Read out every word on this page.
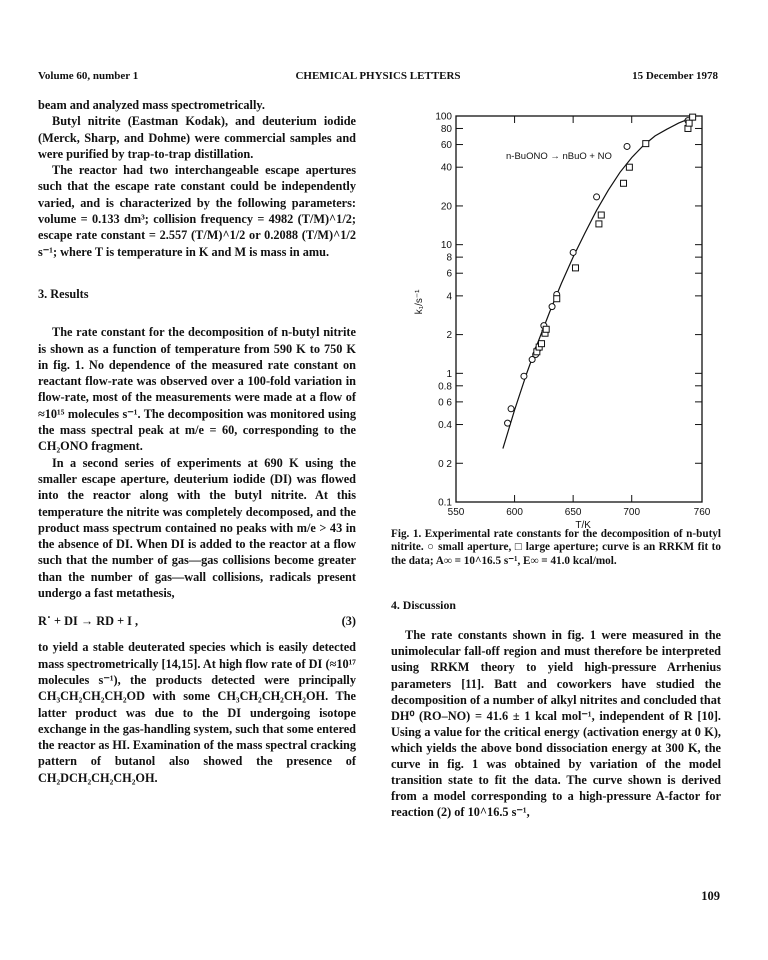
Volume 60, number 1	CHEMICAL PHYSICS LETTERS	15 December 1978

beam and analyzed mass spectrometrically.

Butyl nitrite (Eastman Kodak), and deuterium iodide (Merck, Sharp, and Dohme) were commercial samples and were purified by trap-to-trap distillation.

The reactor had two interchangeable escape apertures such that the escape rate constant could be independently varied, and is characterized by the following parameters: volume = 0.133 dm³; collision frequency = 4982 (T/M)^1/2; escape rate constant = 2.557 (T/M)^1/2 or 0.2088 (T/M)^1/2 s⁻¹; where T is temperature in K and M is mass in amu.

3. Results

The rate constant for the decomposition of n-butyl nitrite is shown as a function of temperature from 590 K to 750 K in fig. 1. No dependence of the measured rate constant on reactant flow-rate was observed over a 100-fold variation in flow-rate, most of the measurements were made at a flow of ≈10¹⁵ molecules s⁻¹. The decomposition was monitored using the mass spectral peak at m/e = 60, corresponding to the CH₂ONO fragment.

In a second series of experiments at 690 K using the smaller escape aperture, deuterium iodide (DI) was flowed into the reactor along with the butyl nitrite. At this temperature the nitrite was completely decomposed, and the product mass spectrum contained no peaks with m/e > 43 in the absence of DI. When DI is added to the reactor at a flow such that the number of gas—gas collisions become greater than the number of gas—wall collisions, radicals present undergo a fast metathesis,

R˙ + DI → RD + I ,	(3)

to yield a stable deuterated species which is easily detected mass spectrometrically [14,15]. At high flow rate of DI (≈10¹⁷ molecules s⁻¹), the products detected were principally CH₃CH₂CH₂CH₂OD with some CH₃CH₂CH₂CH₂OH. The latter product was due to the DI undergoing isotope exchange in the gas-handling system, such that some entered the reactor as HI. Examination of the mass spectral cracking pattern of butanol also showed the presence of CH₂DCH₂CH₂CH₂OH.

0.1
0 2
0.4
0 6
0.8
1
2
4
6
8
10
20
40
60
80
100
550	600	650	700	760
n-BuONO → nBuO + NO
T/K
k₁/s⁻¹

Fig. 1. Experimental rate constants for the decomposition of n-butyl nitrite. ○ small aperture, □ large aperture; curve is an RRKM fit to the data; A∞ = 10^16.5 s⁻¹, E∞ = 41.0 kcal/mol.

4. Discussion

The rate constants shown in fig. 1 were measured in the unimolecular fall-off region and must therefore be interpreted using RRKM theory to yield high-pressure Arrhenius parameters [11]. Batt and coworkers have studied the decomposition of a number of alkyl nitrites and concluded that DH⁰ (RO–NO) = 41.6 ± 1 kcal mol⁻¹, independent of R [10]. Using a value for the critical energy (activation energy at 0 K), which yields the above bond dissociation energy at 300 K, the curve in fig. 1 was obtained by variation of the model transition state to fit the data. The curve shown is derived from a model corresponding to a high-pressure A-factor for reaction (2) of 10^16.5 s⁻¹,

109
